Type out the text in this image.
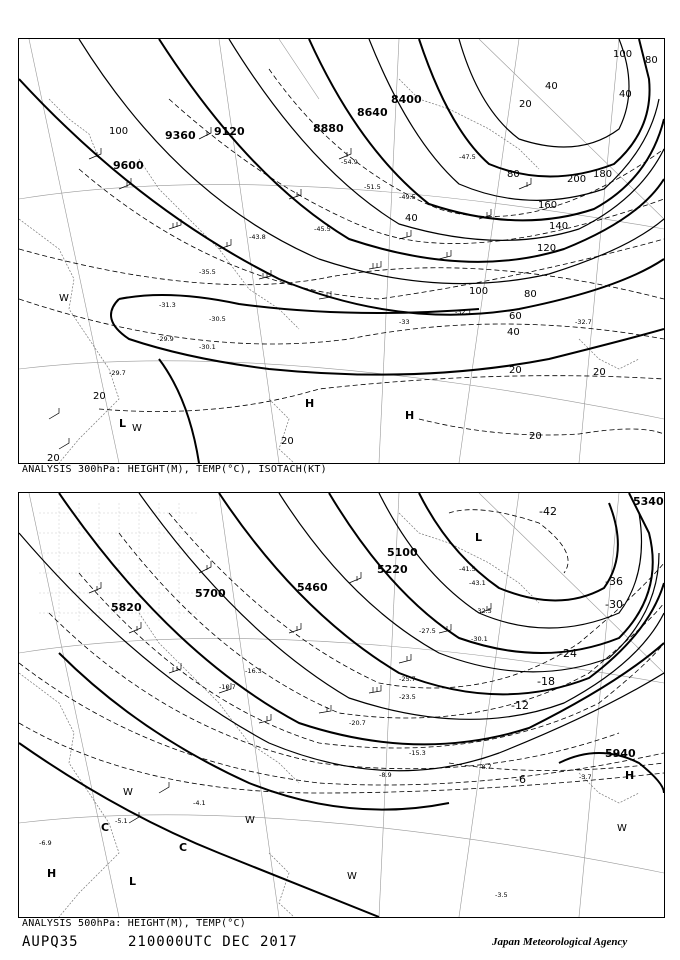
9600
9360 9120	8880
8640
8400
100
100	80
80
60
40
40
20	20
20
20
20
120
140
160
180
200
20
40
100
80
40
20
-45.5
-54.9
-51.5
-49.5
-47.5
-43.8
-35.5
-31.3
-33
-32.1
-29.7
-30.5	-32.7
-29.9
-30.1
H
H
L
W
W
ANALYSIS 300hPa: HEIGHT(M), TEMP(°C), ISOTACH(KT)
5820
5700	5460
5220
5100
5340
5940
-42
-36
-30
-24
-18
-12
-6
-41.5
-43.1
-32.5
-30.1
-27.5
-25.7
-23.5
-20.7
-15.3
-16.3
-10.7
-8.9
-8.7
-3.7
-3.5
-4.1
-5.1
-6.9
L
H
H
L
C
C
W
W
W
W
ANALYSIS 500hPa: HEIGHT(M), TEMP(°C)
AUPQ35	210000UTC DEC 2017	Japan Meteorological Agency
